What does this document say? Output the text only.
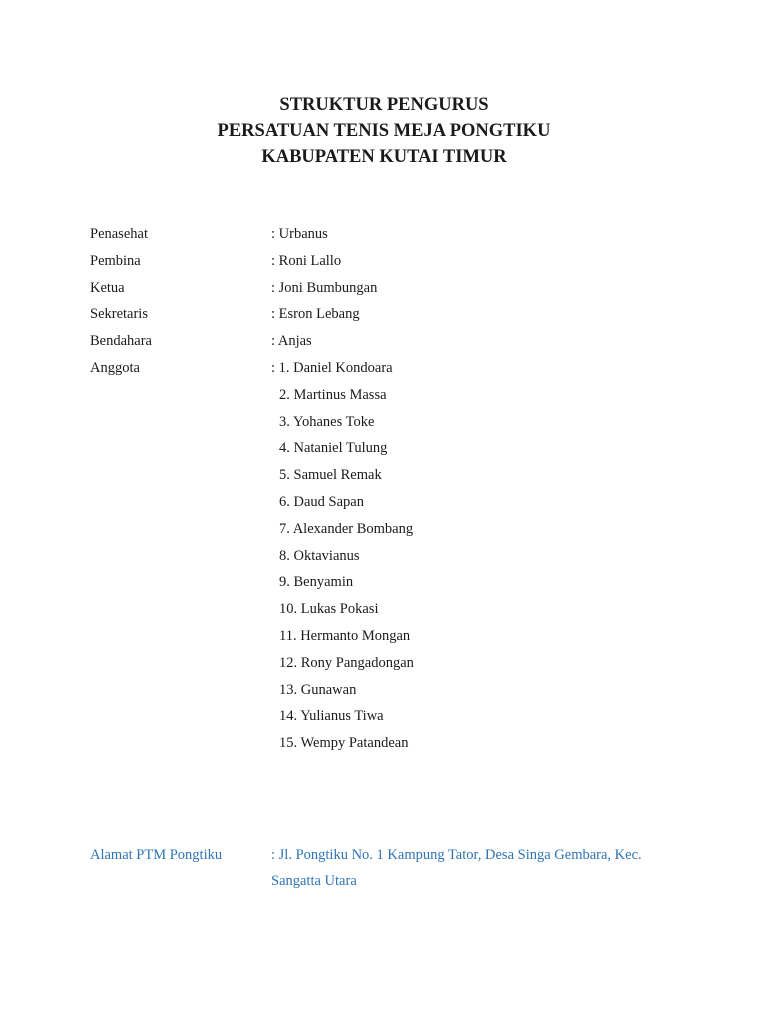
STRUKTUR PENGURUS
PERSATUAN TENIS MEJA PONGTIKU
KABUPATEN KUTAI TIMUR
Penasehat	: Urbanus
Pembina	: Roni Lallo
Ketua	: Joni Bumbungan
Sekretaris	: Esron Lebang
Bendahara	: Anjas
Anggota	: 1. Daniel Kondoara
2. Martinus Massa
3. Yohanes Toke
4. Nataniel Tulung
5. Samuel Remak
6. Daud Sapan
7. Alexander Bombang
8. Oktavianus
9. Benyamin
10. Lukas Pokasi
11. Hermanto Mongan
12. Rony Pangadongan
13. Gunawan
14. Yulianus Tiwa
15. Wempy Patandean
Alamat PTM Pongtiku	: Jl. Pongtiku No. 1 Kampung Tator, Desa Singa Gembara, Kec. Sangatta Utara
